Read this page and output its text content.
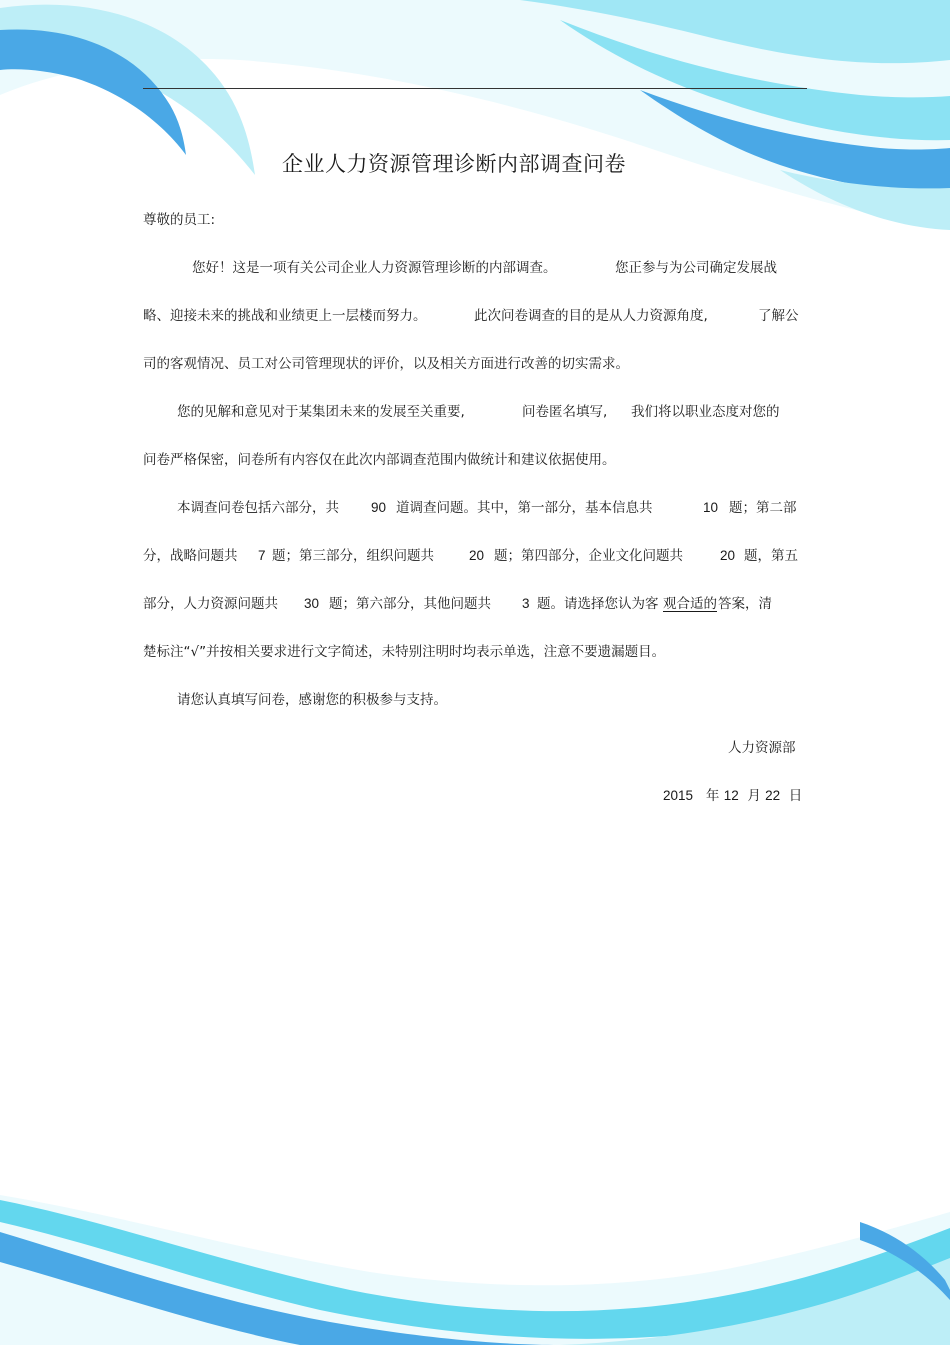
企业人力资源管理诊断内部调查问卷
尊敬的员工:
您好！这是一项有关公司企业人力资源管理诊断的内部调查。	您正参与为公司确定发展战
略、迎接未来的挑战和业绩更上一层楼而努力。	此次问卷调查的目的是从人力资源角度,	了解公
司的客观情况、员工对公司管理现状的评价，以及相关方面进行改善的切实需求。
您的见解和意见对于某集团未来的发展至关重要,	问卷匿名填写, 我们将以职业态度对您的
问卷严格保密，问卷所有内容仅在此次内部调查范围内做统计和建议依据使用。
本调查问卷包括六部分，共 90 道调查问题。其中，第一部分，基本信息共	10 题；第二部
分，战略问题共 7 题；第三部分，组织问题共	20 题；第四部分，企业文化问题共	20 题，第五
部分，人力资源问题共 30 题；第六部分，其他问题共 3 题。请选择您认为客 观合适的 答案，清
楚标注“√”并按相关要求进行文字简述，未特别注明时均表示单选，注意不要遗漏题目。
请您认真填写问卷，感谢您的积极参与支持。
人力资源部
2015 年 12 月 22 日
